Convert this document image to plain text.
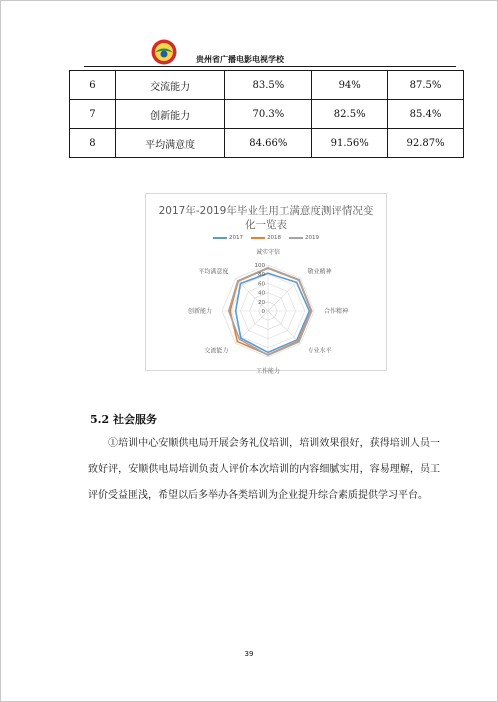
贵州省广播电影电视学校
6	交流能力	83.5%	94%	87.5%
7	创新能力	70.3%	82.5%	85.4%
8	平均满意度	84.66%	91.56%	92.87%
2017年-2019年毕业生用工满意度测评情况变
化一览表
2017	2018	2019
100
80
60
40
20
0
诚实守信
敬业精神
合作精神
专业水平
工作能力
交流能力
创新能力
平均满意度
5.2 社会服务
①培训中心安顺供电局开展会务礼仪培训，培训效果很好，获得培训人员一致好评，安顺供电局培训负责人评价本次培训的内容细腻实用，容易理解，员工评价受益匪浅，希望以后多举办各类培训为企业提升综合素质提供学习平台。
39
